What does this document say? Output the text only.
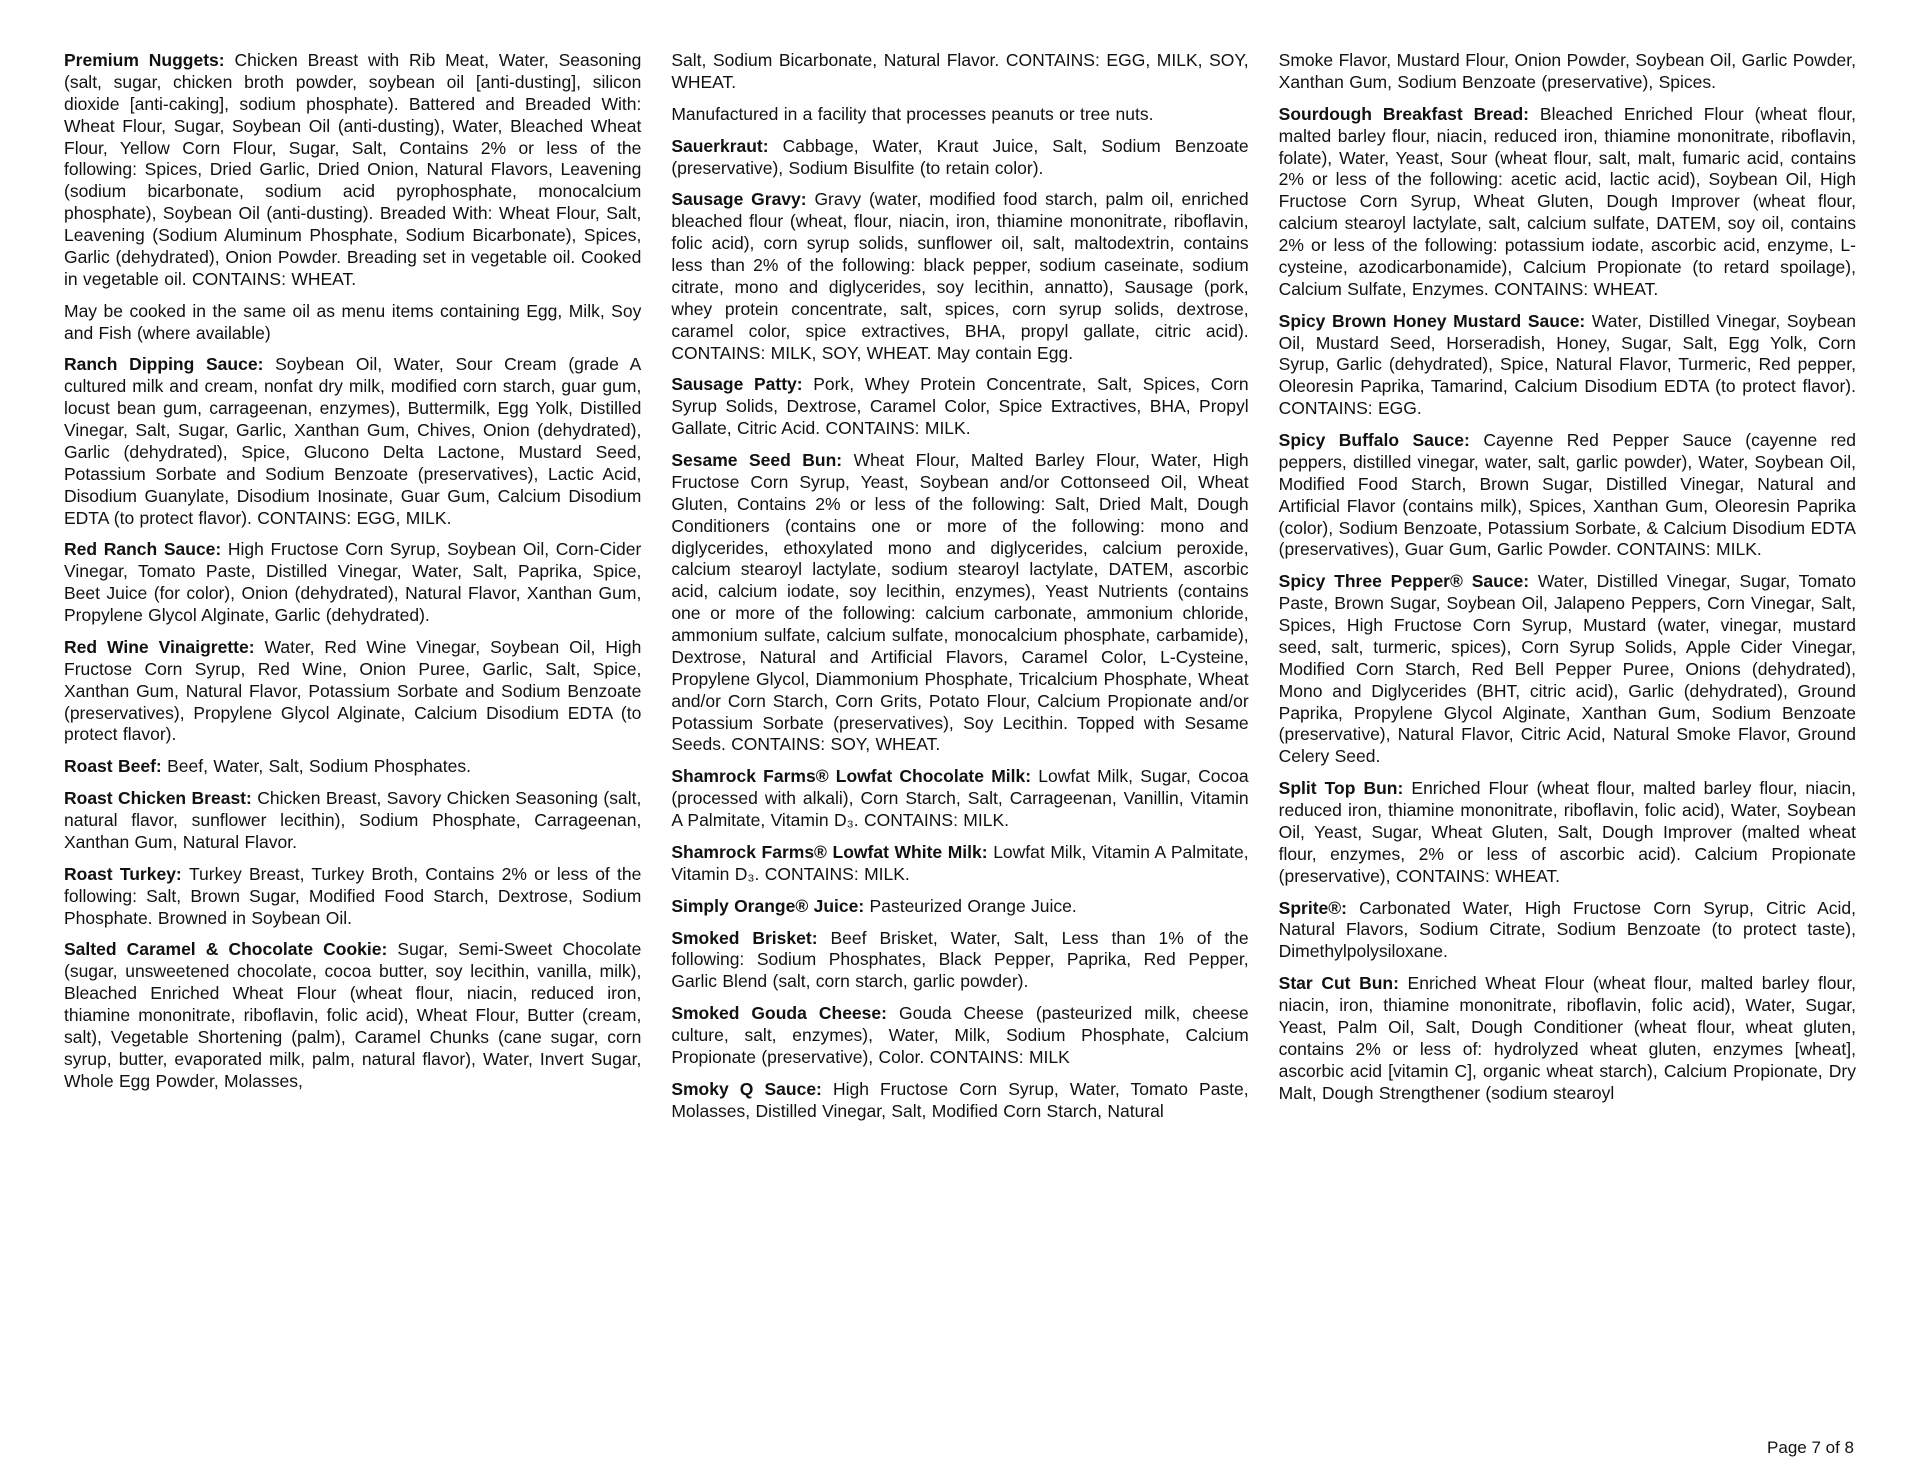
Premium Nuggets: Chicken Breast with Rib Meat, Water, Seasoning (salt, sugar, chicken broth powder, soybean oil [anti-dusting], silicon dioxide [anti-caking], sodium phosphate). Battered and Breaded With: Wheat Flour, Sugar, Soybean Oil (anti-dusting), Water, Bleached Wheat Flour, Yellow Corn Flour, Sugar, Salt, Contains 2% or less of the following: Spices, Dried Garlic, Dried Onion, Natural Flavors, Leavening (sodium bicarbonate, sodium acid pyrophosphate, monocalcium phosphate), Soybean Oil (anti-dusting). Breaded With: Wheat Flour, Salt, Leavening (Sodium Aluminum Phosphate, Sodium Bicarbonate), Spices, Garlic (dehydrated), Onion Powder. Breading set in vegetable oil. Cooked in vegetable oil. CONTAINS: WHEAT.

May be cooked in the same oil as menu items containing Egg, Milk, Soy and Fish (where available)

Ranch Dipping Sauce: Soybean Oil, Water, Sour Cream (grade A cultured milk and cream, nonfat dry milk, modified corn starch, guar gum, locust bean gum, carrageenan, enzymes), Buttermilk, Egg Yolk, Distilled Vinegar, Salt, Sugar, Garlic, Xanthan Gum, Chives, Onion (dehydrated), Garlic (dehydrated), Spice, Glucono Delta Lactone, Mustard Seed, Potassium Sorbate and Sodium Benzoate (preservatives), Lactic Acid, Disodium Guanylate, Disodium Inosinate, Guar Gum, Calcium Disodium EDTA (to protect flavor). CONTAINS: EGG, MILK.

Red Ranch Sauce: High Fructose Corn Syrup, Soybean Oil, Corn-Cider Vinegar, Tomato Paste, Distilled Vinegar, Water, Salt, Paprika, Spice, Beet Juice (for color), Onion (dehydrated), Natural Flavor, Xanthan Gum, Propylene Glycol Alginate, Garlic (dehydrated).

Red Wine Vinaigrette: Water, Red Wine Vinegar, Soybean Oil, High Fructose Corn Syrup, Red Wine, Onion Puree, Garlic, Salt, Spice, Xanthan Gum, Natural Flavor, Potassium Sorbate and Sodium Benzoate (preservatives), Propylene Glycol Alginate, Calcium Disodium EDTA (to protect flavor).

Roast Beef: Beef, Water, Salt, Sodium Phosphates.

Roast Chicken Breast: Chicken Breast, Savory Chicken Seasoning (salt, natural flavor, sunflower lecithin), Sodium Phosphate, Carrageenan, Xanthan Gum, Natural Flavor.

Roast Turkey: Turkey Breast, Turkey Broth, Contains 2% or less of the following: Salt, Brown Sugar, Modified Food Starch, Dextrose, Sodium Phosphate. Browned in Soybean Oil.

Salted Caramel & Chocolate Cookie: Sugar, Semi-Sweet Chocolate (sugar, unsweetened chocolate, cocoa butter, soy lecithin, vanilla, milk), Bleached Enriched Wheat Flour (wheat flour, niacin, reduced iron, thiamine mononitrate, riboflavin, folic acid), Wheat Flour, Butter (cream, salt), Vegetable Shortening (palm), Caramel Chunks (cane sugar, corn syrup, butter, evaporated milk, palm, natural flavor), Water, Invert Sugar, Whole Egg Powder, Molasses,

Salt, Sodium Bicarbonate, Natural Flavor. CONTAINS: EGG, MILK, SOY, WHEAT.

Manufactured in a facility that processes peanuts or tree nuts.

Sauerkraut: Cabbage, Water, Kraut Juice, Salt, Sodium Benzoate (preservative), Sodium Bisulfite (to retain color).

Sausage Gravy: Gravy (water, modified food starch, palm oil, enriched bleached flour (wheat, flour, niacin, iron, thiamine mononitrate, riboflavin, folic acid), corn syrup solids, sunflower oil, salt, maltodextrin, contains less than 2% of the following: black pepper, sodium caseinate, sodium citrate, mono and diglycerides, soy lecithin, annatto), Sausage (pork, whey protein concentrate, salt, spices, corn syrup solids, dextrose, caramel color, spice extractives, BHA, propyl gallate, citric acid). CONTAINS: MILK, SOY, WHEAT. May contain Egg.

Sausage Patty: Pork, Whey Protein Concentrate, Salt, Spices, Corn Syrup Solids, Dextrose, Caramel Color, Spice Extractives, BHA, Propyl Gallate, Citric Acid. CONTAINS: MILK.

Sesame Seed Bun: Wheat Flour, Malted Barley Flour, Water, High Fructose Corn Syrup, Yeast, Soybean and/or Cottonseed Oil, Wheat Gluten, Contains 2% or less of the following: Salt, Dried Malt, Dough Conditioners (contains one or more of the following: mono and diglycerides, ethoxylated mono and diglycerides, calcium peroxide, calcium stearoyl lactylate, sodium stearoyl lactylate, DATEM, ascorbic acid, calcium iodate, soy lecithin, enzymes), Yeast Nutrients (contains one or more of the following: calcium carbonate, ammonium chloride, ammonium sulfate, calcium sulfate, monocalcium phosphate, carbamide), Dextrose, Natural and Artificial Flavors, Caramel Color, L-Cysteine, Propylene Glycol, Diammonium Phosphate, Tricalcium Phosphate, Wheat and/or Corn Starch, Corn Grits, Potato Flour, Calcium Propionate and/or Potassium Sorbate (preservatives), Soy Lecithin. Topped with Sesame Seeds. CONTAINS: SOY, WHEAT.

Shamrock Farms® Lowfat Chocolate Milk: Lowfat Milk, Sugar, Cocoa (processed with alkali), Corn Starch, Salt, Carrageenan, Vanillin, Vitamin A Palmitate, Vitamin D₃. CONTAINS: MILK.

Shamrock Farms® Lowfat White Milk: Lowfat Milk, Vitamin A Palmitate, Vitamin D₃. CONTAINS: MILK.

Simply Orange® Juice: Pasteurized Orange Juice.

Smoked Brisket: Beef Brisket, Water, Salt, Less than 1% of the following: Sodium Phosphates, Black Pepper, Paprika, Red Pepper, Garlic Blend (salt, corn starch, garlic powder).

Smoked Gouda Cheese: Gouda Cheese (pasteurized milk, cheese culture, salt, enzymes), Water, Milk, Sodium Phosphate, Calcium Propionate (preservative), Color. CONTAINS: MILK

Smoky Q Sauce: High Fructose Corn Syrup, Water, Tomato Paste, Molasses, Distilled Vinegar, Salt, Modified Corn Starch, Natural

Smoke Flavor, Mustard Flour, Onion Powder, Soybean Oil, Garlic Powder, Xanthan Gum, Sodium Benzoate (preservative), Spices.

Sourdough Breakfast Bread: Bleached Enriched Flour (wheat flour, malted barley flour, niacin, reduced iron, thiamine mononitrate, riboflavin, folate), Water, Yeast, Sour (wheat flour, salt, malt, fumaric acid, contains 2% or less of the following: acetic acid, lactic acid), Soybean Oil, High Fructose Corn Syrup, Wheat Gluten, Dough Improver (wheat flour, calcium stearoyl lactylate, salt, calcium sulfate, DATEM, soy oil, contains 2% or less of the following: potassium iodate, ascorbic acid, enzyme, L-cysteine, azodicarbonamide), Calcium Propionate (to retard spoilage), Calcium Sulfate, Enzymes. CONTAINS: WHEAT.

Spicy Brown Honey Mustard Sauce: Water, Distilled Vinegar, Soybean Oil, Mustard Seed, Horseradish, Honey, Sugar, Salt, Egg Yolk, Corn Syrup, Garlic (dehydrated), Spice, Natural Flavor, Turmeric, Red pepper, Oleoresin Paprika, Tamarind, Calcium Disodium EDTA (to protect flavor). CONTAINS: EGG.

Spicy Buffalo Sauce: Cayenne Red Pepper Sauce (cayenne red peppers, distilled vinegar, water, salt, garlic powder), Water, Soybean Oil, Modified Food Starch, Brown Sugar, Distilled Vinegar, Natural and Artificial Flavor (contains milk), Spices, Xanthan Gum, Oleoresin Paprika (color), Sodium Benzoate, Potassium Sorbate, & Calcium Disodium EDTA (preservatives), Guar Gum, Garlic Powder. CONTAINS: MILK.

Spicy Three Pepper® Sauce: Water, Distilled Vinegar, Sugar, Tomato Paste, Brown Sugar, Soybean Oil, Jalapeno Peppers, Corn Vinegar, Salt, Spices, High Fructose Corn Syrup, Mustard (water, vinegar, mustard seed, salt, turmeric, spices), Corn Syrup Solids, Apple Cider Vinegar, Modified Corn Starch, Red Bell Pepper Puree, Onions (dehydrated), Mono and Diglycerides (BHT, citric acid), Garlic (dehydrated), Ground Paprika, Propylene Glycol Alginate, Xanthan Gum, Sodium Benzoate (preservative), Natural Flavor, Citric Acid, Natural Smoke Flavor, Ground Celery Seed.

Split Top Bun: Enriched Flour (wheat flour, malted barley flour, niacin, reduced iron, thiamine mononitrate, riboflavin, folic acid), Water, Soybean Oil, Yeast, Sugar, Wheat Gluten, Salt, Dough Improver (malted wheat flour, enzymes, 2% or less of ascorbic acid). Calcium Propionate (preservative), CONTAINS: WHEAT.

Sprite®: Carbonated Water, High Fructose Corn Syrup, Citric Acid, Natural Flavors, Sodium Citrate, Sodium Benzoate (to protect taste), Dimethylpolysiloxane.

Star Cut Bun: Enriched Wheat Flour (wheat flour, malted barley flour, niacin, iron, thiamine mononitrate, riboflavin, folic acid), Water, Sugar, Yeast, Palm Oil, Salt, Dough Conditioner (wheat flour, wheat gluten, contains 2% or less of: hydrolyzed wheat gluten, enzymes [wheat], ascorbic acid [vitamin C], organic wheat starch), Calcium Propionate, Dry Malt, Dough Strengthener (sodium stearoyl

Page 7 of 8
